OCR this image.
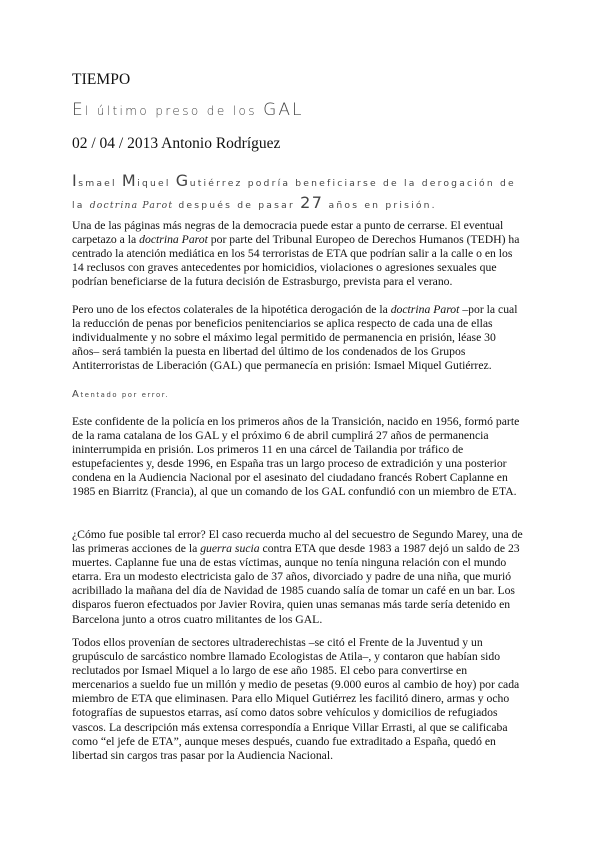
TIEMPO
El último preso de los GAL
02 / 04 / 2013 Antonio Rodríguez
Ismael Miquel Gutiérrez podría beneficiarse de la derogación de la doctrina Parot después de pasar 27 años en prisión.
Una de las páginas más negras de la democracia puede estar a punto de cerrarse. El eventual carpetazo a la doctrina Parot por parte del Tribunal Europeo de Derechos Humanos (TEDH) ha centrado la atención mediática en los 54 terroristas de ETA que podrían salir a la calle o en los 14 reclusos con graves antecedentes por homicidios, violaciones o agresiones sexuales que podrían beneficiarse de la futura decisión de Estrasburgo, prevista para el verano.
Pero uno de los efectos colaterales de la hipotética derogación de la doctrina Parot –por la cual la reducción de penas por beneficios penitenciarios se aplica respecto de cada una de ellas individualmente y no sobre el máximo legal permitido de permanencia en prisión, léase 30 años– será también la puesta en libertad del último de los condenados de los Grupos Antiterroristas de Liberación (GAL) que permanecía en prisión: Ismael Miquel Gutiérrez.
Atentado por error.
Este confidente de la policía en los primeros años de la Transición, nacido en 1956, formó parte de la rama catalana de los GAL y el próximo 6 de abril cumplirá 27 años de permanencia ininterrumpida en prisión. Los primeros 11 en una cárcel de Tailandia por tráfico de estupefacientes y, desde 1996, en España tras un largo proceso de extradición y una posterior condena en la Audiencia Nacional por el asesinato del ciudadano francés Robert Caplanne en 1985 en Biarritz (Francia), al que un comando de los GAL confundió con un miembro de ETA.
¿Cómo fue posible tal error? El caso recuerda mucho al del secuestro de Segundo Marey, una de las primeras acciones de la guerra sucia contra ETA que desde 1983 a 1987 dejó un saldo de 23 muertes. Caplanne fue una de estas víctimas, aunque no tenía ninguna relación con el mundo etarra. Era un modesto electricista galo de 37 años, divorciado y padre de una niña, que murió acribillado la mañana del día de Navidad de 1985 cuando salía de tomar un café en un bar. Los disparos fueron efectuados por Javier Rovira, quien unas semanas más tarde sería detenido en Barcelona junto a otros cuatro militantes de los GAL.
Todos ellos provenían de sectores ultraderechistas –se citó el Frente de la Juventud y un grupúsculo de sarcástico nombre llamado Ecologistas de Atila–, y contaron que habían sido reclutados por Ismael Miquel a lo largo de ese año 1985. El cebo para convertirse en mercenarios a sueldo fue un millón y medio de pesetas (9.000 euros al cambio de hoy) por cada miembro de ETA que eliminasen. Para ello Miquel Gutiérrez les facilitó dinero, armas y ocho fotografías de supuestos etarras, así como datos sobre vehículos y domicilios de refugiados vascos. La descripción más extensa correspondía a Enrique Villar Errasti, al que se calificaba como “el jefe de ETA”, aunque meses después, cuando fue extraditado a España, quedó en libertad sin cargos tras pasar por la Audiencia Nacional.
